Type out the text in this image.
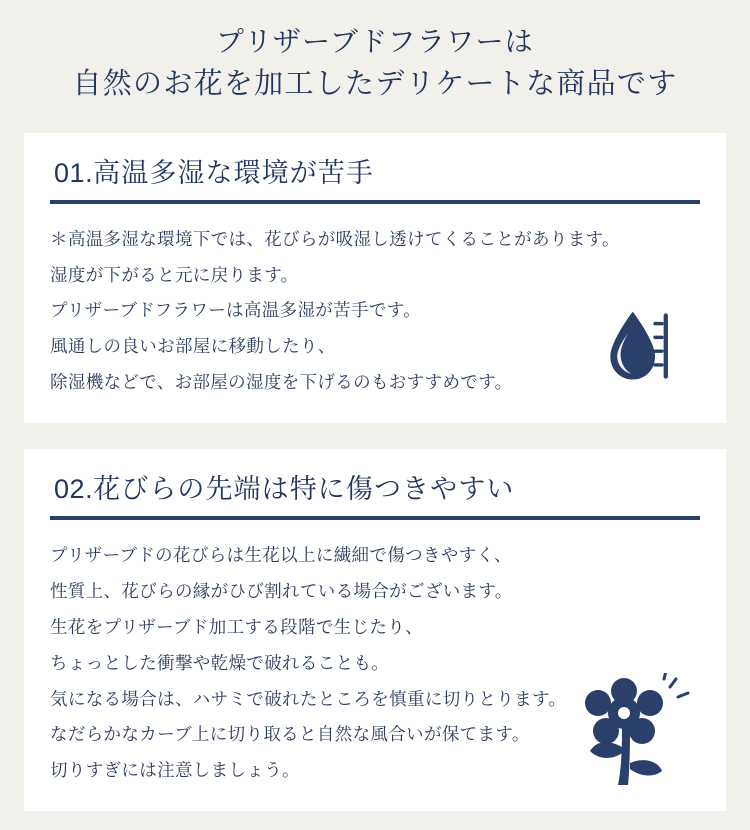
プリザーブドフラワーは
自然のお花を加工したデリケートな商品です
01.高温多湿な環境が苦手

＊高温多湿な環境下では、花びらが吸湿し透けてくることがあります。

湿度が下がると元に戻ります。

プリザーブドフラワーは高温多湿が苦手です。

風通しの良いお部屋に移動したり、

除湿機などで、お部屋の湿度を下げるのもおすすめです。

02.花びらの先端は特に傷つきやすい

プリザーブドの花びらは生花以上に繊細で傷つきやすく、

性質上、花びらの縁がひび割れている場合がございます。

生花をプリザーブド加工する段階で生じたり、

ちょっとした衝撃や乾燥で破れることも。

気になる場合は、ハサミで破れたところを慎重に切りとります。

なだらかなカーブ上に切り取ると自然な風合いが保てます。

切りすぎには注意しましょう。
